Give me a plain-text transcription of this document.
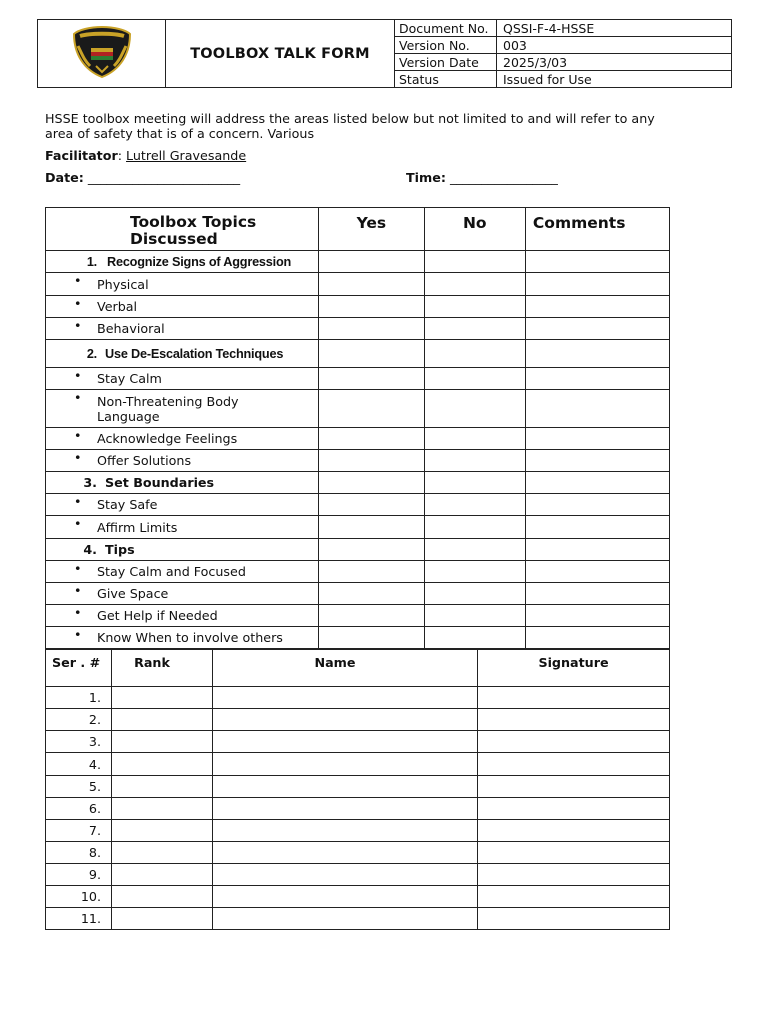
	TOOLBOX TALK FORM	Document No.	QSSI-F-4-HSSE
		Version No.	003
		Version Date	2025/3/03
		Status	Issued for Use
HSSE toolbox meeting will address the areas listed below but not limited to and will refer to any area of safety that is of a concern. Various
Facilitator: Lutrell Gravesande
Date: ________________________	Time: _________________
Toolbox Topics Discussed	Yes	No	Comments
1. Recognize Signs of Aggression			

• Physical			

• Verbal			

• Behavioral			
2. Use De-Escalation Techniques			

• Stay Calm			

• Non-Threatening Body Language			

• Acknowledge Feelings			

• Offer Solutions			
3. Set Boundaries			

• Stay Safe			

• Affirm Limits			
4. Tips			

• Stay Calm and Focused			

• Give Space			

• Get Help if Needed			

• Know When to involve others			
Ser . #	Rank	Name	Signature
1.			
2.			
3.			
4.			
5.			
6.			
7.			
8.			
9.			
10.			
11.			
